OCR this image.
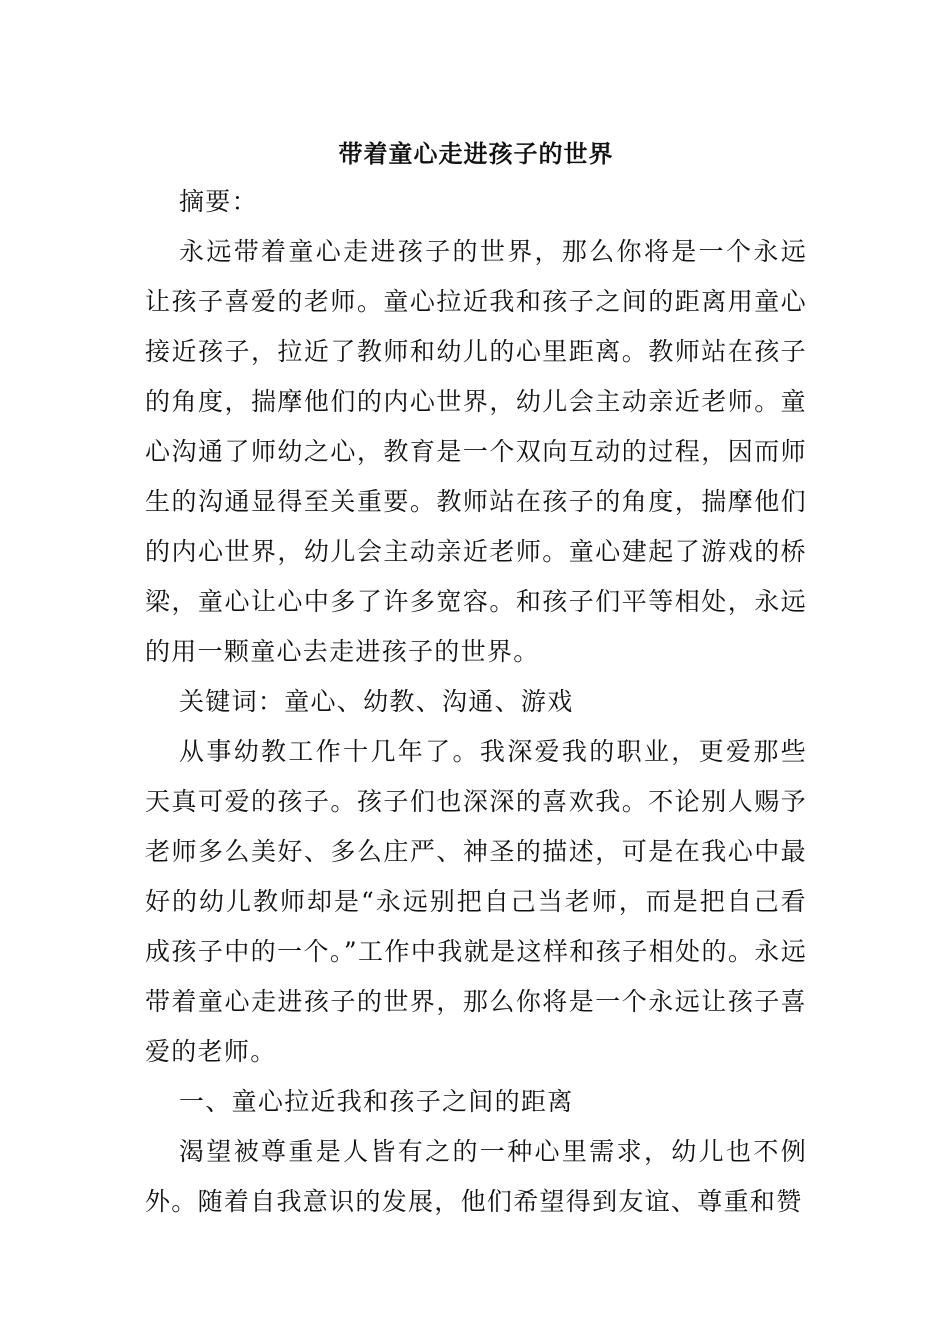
带着童心走进孩子的世界

摘要：

永远带着童心走进孩子的世界，那么你将是一个永远让孩子喜爱的老师。童心拉近我和孩子之间的距离用童心接近孩子，拉近了教师和幼儿的心里距离。教师站在孩子的角度，揣摩他们的内心世界，幼儿会主动亲近老师。童心沟通了师幼之心，教育是一个双向互动的过程，因而师生的沟通显得至关重要。教师站在孩子的角度，揣摩他们的内心世界，幼儿会主动亲近老师。童心建起了游戏的桥梁，童心让心中多了许多宽容。和孩子们平等相处，永远的用一颗童心去走进孩子的世界。

关键词：童心、幼教、沟通、游戏

从事幼教工作十几年了。我深爱我的职业，更爱那些天真可爱的孩子。孩子们也深深的喜欢我。不论别人赐予老师多么美好、多么庄严、神圣的描述，可是在我心中最好的幼儿教师却是“永远别把自己当老师，而是把自己看成孩子中的一个。”工作中我就是这样和孩子相处的。永远带着童心走进孩子的世界，那么你将是一个永远让孩子喜爱的老师。

一、童心拉近我和孩子之间的距离

渴望被尊重是人皆有之的一种心里需求，幼儿也不例外。随着自我意识的发展，他们希望得到友谊、尊重和赞
